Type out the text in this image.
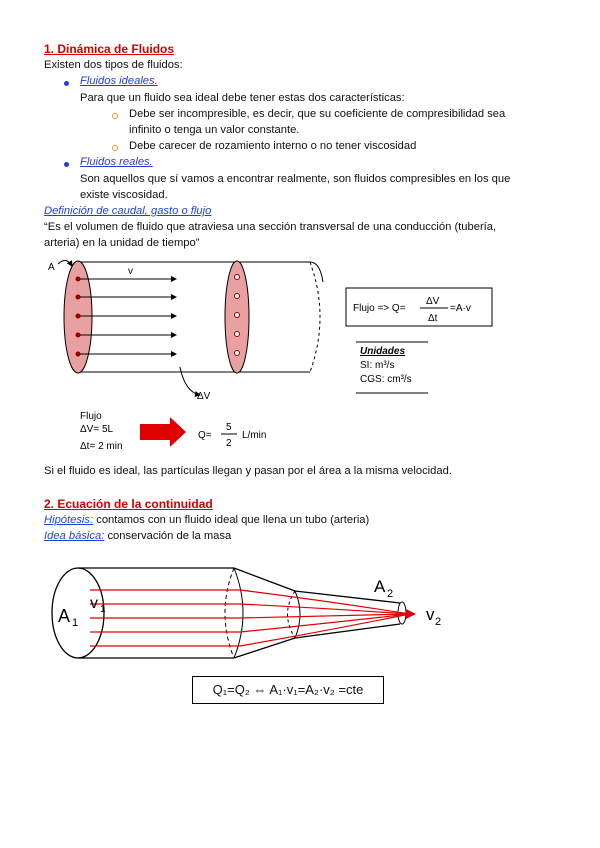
1. Dinámica de Fluidos
Existen dos tipos de fluidos:
Fluidos ideales.
Para que un fluido sea ideal debe tener estas dos características:
Debe ser incompresible, es decir, que su coeficiente de compresibilidad sea
infinito o tenga un valor constante.
Debe carecer de rozamiento interno o no tener viscosidad
Fluidos reales.
Son aquellos que sí vamos a encontrar realmente, son fluidos compresibles en los que
existe viscosidad.
Definición de caudal, gasto o flujo
“Es el volumen de fluido que atraviesa una sección transversal de una conducción (tubería,
arteria) en la unidad de tiempo”
A	v
ΔV
Flujo => Q=
ΔV
Δt
=A·v
Unidades
SI: m³/s
CGS: cm³/s
Flujo
ΔV= 5L
Δt= 2 min
Q=
5
2
L/min
Si el fluido es ideal, las partículas llegan y pasan por el área a la misma velocidad.
2. Ecuación de la continuidad
Hipótesis: contamos con un fluido ideal que llena un tubo (arteria)
Idea básica: conservación de la masa
A 1
v 1
A 2
v 2
Q₁=Q₂ ⇔ A₁·v₁=A₂·v₂ =cte
